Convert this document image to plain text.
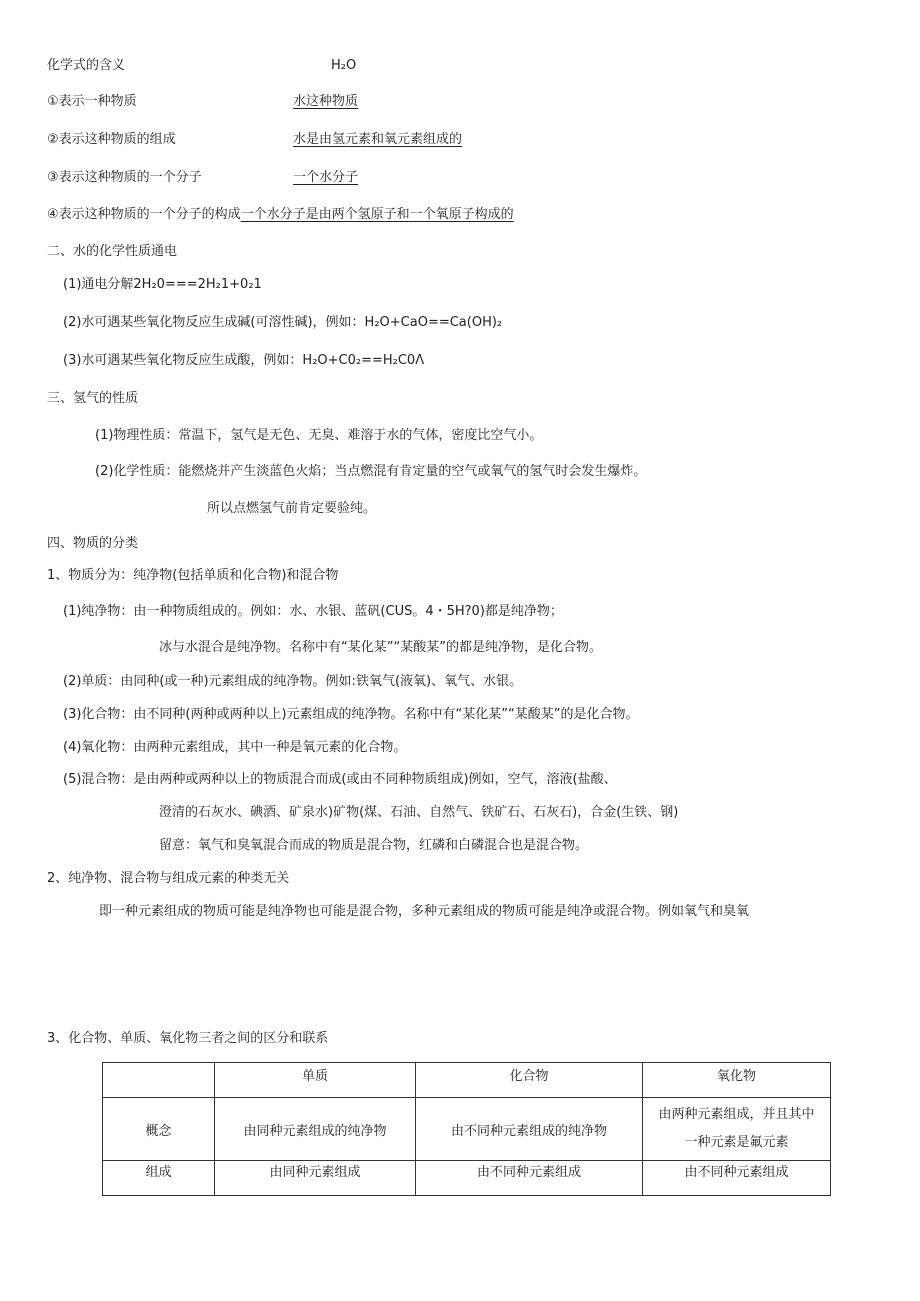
化学式的含义	H₂O
①表示一种物质	水这种物质
②表示这种物质的组成	水是由氢元素和氧元素组成的
③表示这种物质的一个分子	一个水分子
④表示这种物质的一个分子的构成一个水分子是由两个氢原子和一个氧原子构成的
二、水的化学性质通电
(1)通电分解2H₂0===2H₂1+0₂1
(2)水可遇某些氧化物反应生成碱(可溶性碱)，例如：H₂O+CaO==Ca(OH)₂
(3)水可遇某些氧化物反应生成酸，例如：H₂O+C0₂==H₂C0Λ
三、氢气的性质
(1)物理性质：常温下，氢气是无色、无臭、难溶于水的气体，密度比空气小。
(2)化学性质：能燃烧并产生淡蓝色火焰；当点燃混有肯定量的空气或氧气的氢气时会发生爆炸。
所以点燃氢气前肯定要验纯。
四、物质的分类
1、物质分为：纯净物(包括单质和化合物)和混合物
(1)纯净物：由一种物质组成的。例如：水、水银、蓝矾(CUS。4・5H?0)都是纯净物；
冰与水混合是纯净物。名称中有“某化某”“某酸某”的都是纯净物，是化合物。
(2)单质：由同种(或一种)元素组成的纯净物。例如:铁氧气(液氧)、氧气、水银。
(3)化合物：由不同种(两种或两种以上)元素组成的纯净物。名称中有“某化某”“某酸某”的是化合物。
(4)氧化物：由两种元素组成，其中一种是氧元素的化合物。
(5)混合物：是由两种或两种以上的物质混合而成(或由不同种物质组成)例如，空气，溶液(盐酸、
澄清的石灰水、碘酒、矿泉水)矿物(煤、石油、自然气、铁矿石、石灰石)，合金(生铁、钢)
留意：氧气和臭氧混合而成的物质是混合物，红磷和白磷混合也是混合物。
2、纯净物、混合物与组成元素的种类无关
即一种元素组成的物质可能是纯净物也可能是混合物，多种元素组成的物质可能是纯净或混合物。例如氧气和臭氧
3、化合物、单质、氧化物三者之间的区分和联系
	单质	化合物	氧化物
概念	由同种元素组成的纯净物	由不同种元素组成的纯净物	由两种元素组成，并且其中
一种元素是氟元素

组成	由同种元素组成	由不同种元素组成	由不同种元素组成
